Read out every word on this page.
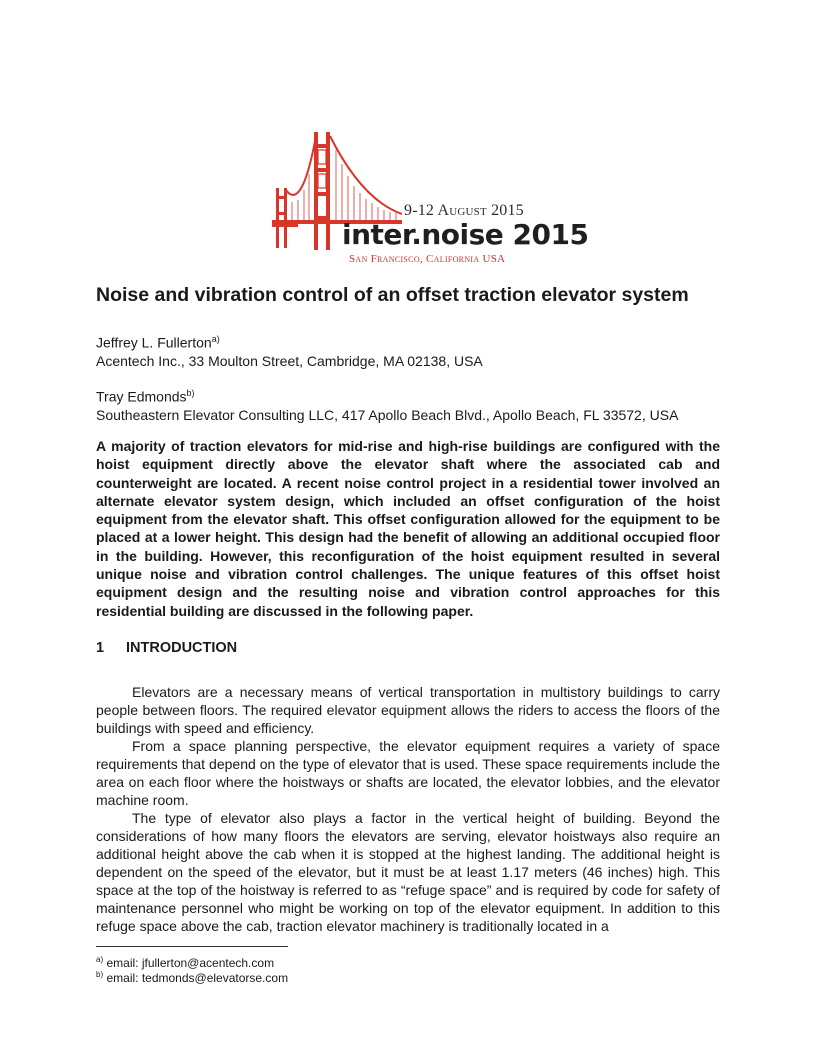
9-12 August 2015
inter.noise 2015
San Francisco, California USA
Noise and vibration control of an offset traction elevator system
Jeffrey L. Fullerton$^{a)}$
Acentech Inc., 33 Moulton Street, Cambridge, MA 02138, USA
Tray Edmonds$^{b)}$
Southeastern Elevator Consulting LLC, 417 Apollo Beach Blvd., Apollo Beach, FL 33572, USA
A majority of traction elevators for mid-rise and high-rise buildings are configured with the hoist equipment directly above the elevator shaft where the associated cab and counterweight are located. A recent noise control project in a residential tower involved an alternate elevator system design, which included an offset configuration of the hoist equipment from the elevator shaft. This offset configuration allowed for the equipment to be placed at a lower height. This design had the benefit of allowing an additional occupied floor in the building. However, this reconfiguration of the hoist equipment resulted in several unique noise and vibration control challenges. The unique features of this offset hoist equipment design and the resulting noise and vibration control approaches for this residential building are discussed in the following paper.
1 INTRODUCTION

Elevators are a necessary means of vertical transportation in multistory buildings to carry people between floors. The required elevator equipment allows the riders to access the floors of the buildings with speed and efficiency.

From a space planning perspective, the elevator equipment requires a variety of space requirements that depend on the type of elevator that is used. These space requirements include the area on each floor where the hoistways or shafts are located, the elevator lobbies, and the elevator machine room.

The type of elevator also plays a factor in the vertical height of building. Beyond the considerations of how many floors the elevators are serving, elevator hoistways also require an additional height above the cab when it is stopped at the highest landing. The additional height is dependent on the speed of the elevator, but it must be at least 1.17 meters (46 inches) high. This space at the top of the hoistway is referred to as “refuge space” and is required by code for safety of maintenance personnel who might be working on top of the elevator equipment. In addition to this refuge space above the cab, traction elevator machinery is traditionally located in a

$^{a)}$ email: jfullerton@acentech.com
$^{b)}$ email: tedmonds@elevatorse.com
